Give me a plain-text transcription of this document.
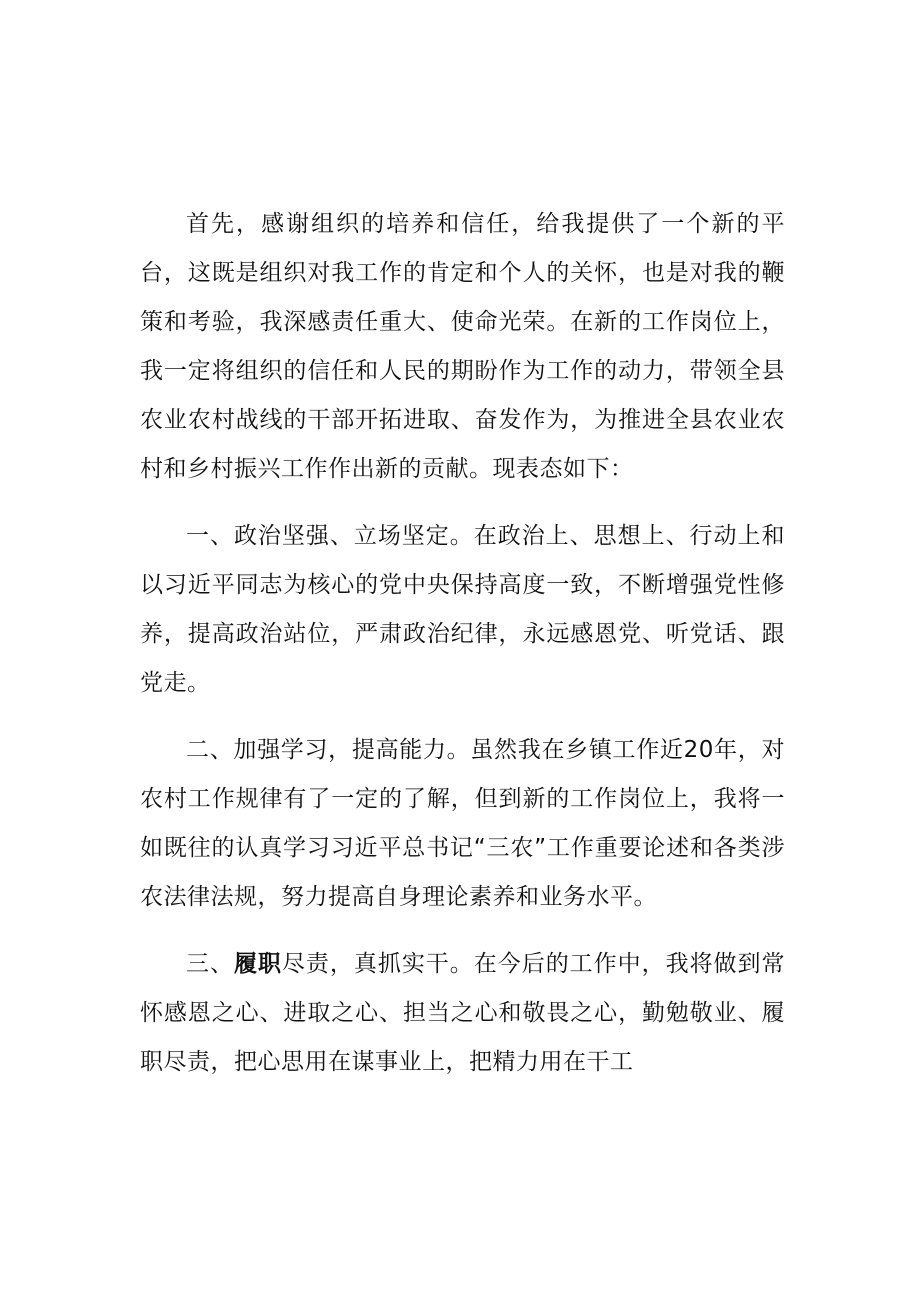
首先，感谢组织的培养和信任，给我提供了一个新的平台，这既是组织对我工作的肯定和个人的关怀，也是对我的鞭策和考验，我深感责任重大、使命光荣。在新的工作岗位上，我一定将组织的信任和人民的期盼作为工作的动力，带领全县农业农村战线的干部开拓进取、奋发作为，为推进全县农业农村和乡村振兴工作作出新的贡献。现表态如下：

一、政治坚强、立场坚定。在政治上、思想上、行动上和以习近平同志为核心的党中央保持高度一致，不断增强党性修养，提高政治站位，严肃政治纪律，永远感恩党、听党话、跟党走。

二、加强学习，提高能力。虽然我在乡镇工作近20年，对农村工作规律有了一定的了解，但到新的工作岗位上，我将一如既往的认真学习习近平总书记“三农”工作重要论述和各类涉农法律法规，努力提高自身理论素养和业务水平。

三、履职尽责，真抓实干。在今后的工作中，我将做到常怀感恩之心、进取之心、担当之心和敬畏之心，勤勉敬业、履职尽责，把心思用在谋事业上，把精力用在干工
